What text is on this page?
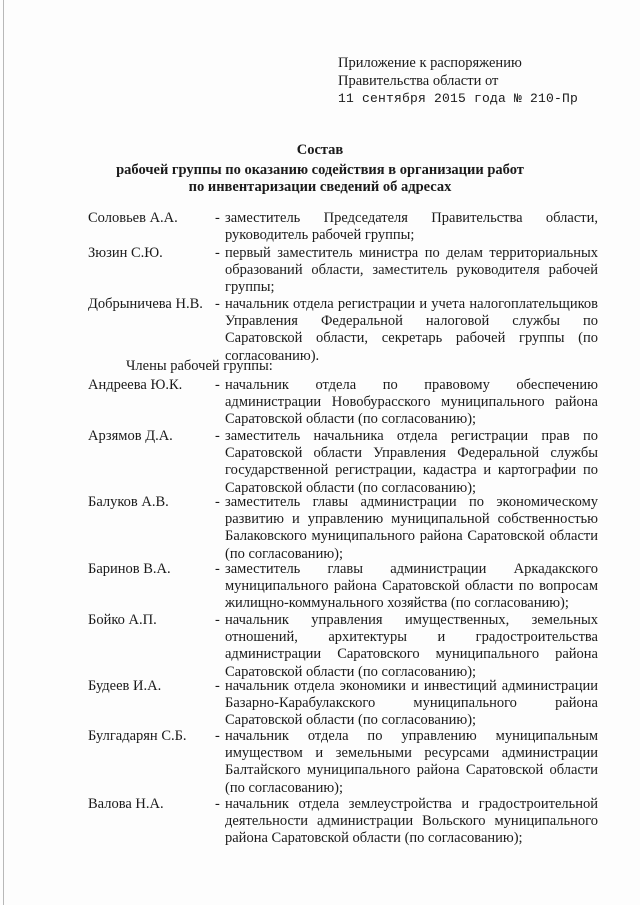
Приложение к распоряжению
Правительства области от
11 сентября 2015 года № 210-Пр
Состав
рабочей группы по оказанию содействия в организации работ
по инвентаризации сведений об адресах
Соловьев А.А.	- заместитель Председателя Правительства области, руководитель рабочей группы;
Зюзин С.Ю.	- первый заместитель министра по делам территориальных образований области, заместитель руководителя рабочей группы;
Добрыничева Н.В. - начальник отдела регистрации и учета налогоплательщиков Управления Федеральной налоговой службы по Саратовской области, секретарь рабочей группы (по согласованию).
Члены рабочей группы:
Андреева Ю.К. - начальник отдела по правовому обеспечению администрации Новобурасского муниципального района Саратовской области (по согласованию);
Арзямов Д.А.	- заместитель начальника отдела регистрации прав по Саратовской области Управления Федеральной службы государственной регистрации, кадастра и картографии по Саратовской области (по согласованию);
Балуков А.В.	- заместитель главы администрации по экономическому развитию и управлению муниципальной собственностью Балаковского муниципального района Саратовской области (по согласованию);
Баринов В.А.	- заместитель главы администрации Аркадакского муниципального района Саратовской области по вопросам жилищно-коммунального хозяйства (по согласованию);
Бойко А.П.	- начальник управления имущественных, земельных отношений, архитектуры и градостроительства администрации Саратовского муниципального района Саратовской области (по согласованию);
Будеев И.А.	- начальник отдела экономики и инвестиций администрации Базарно-Карабулакского муниципального района Саратовской области (по согласованию);
Булгадарян С.Б. - начальник отдела по управлению муниципальным имуществом и земельными ресурсами администрации Балтайского муниципального района Саратовской области (по согласованию);
Валова Н.А.	- начальник отдела землеустройства и градостроительной деятельности администрации Вольского муниципального района Саратовской области (по согласованию);
